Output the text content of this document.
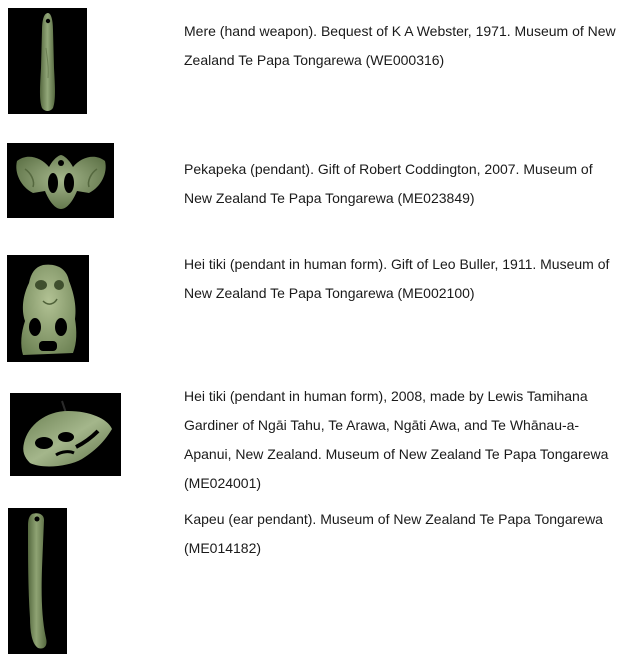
Mere (hand weapon). Bequest of K A Webster, 1971. Museum of New Zealand Te Papa Tongarewa (WE000316)

Pekapeka (pendant). Gift of Robert Coddington, 2007. Museum of New Zealand Te Papa Tongarewa (ME023849)

Hei tiki (pendant in human form). Gift of Leo Buller, 1911. Museum of New Zealand Te Papa Tongarewa (ME002100)

Hei tiki (pendant in human form), 2008, made by Lewis Tamihana Gardiner of Ngāi Tahu, Te Arawa, Ngāti Awa, and Te Whānau-a-Apanui, New Zealand. Museum of New Zealand Te Papa Tongarewa (ME024001)

Kapeu (ear pendant). Museum of New Zealand Te Papa Tongarewa (ME014182)
